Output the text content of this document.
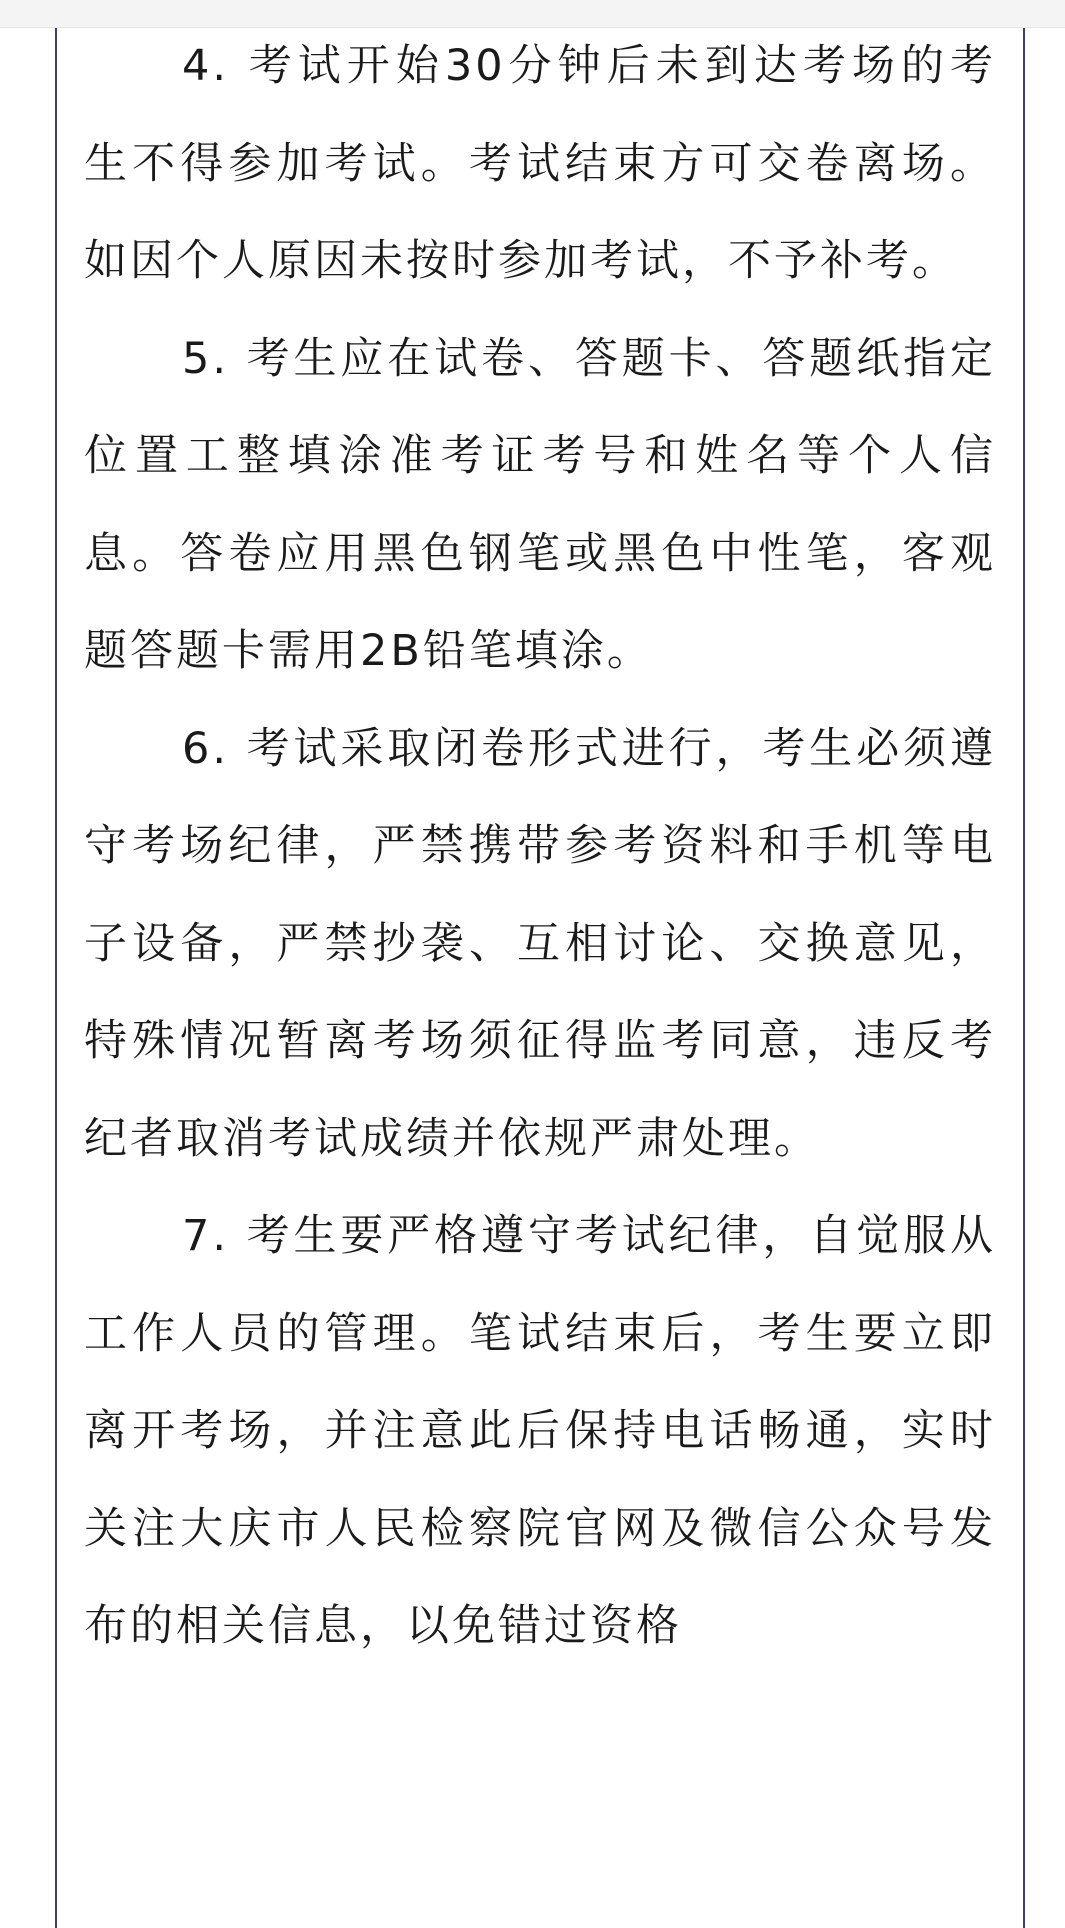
4. 考试开始30分钟后未到达考场的考生不得参加考试。考试结束方可交卷离场。如因个人原因未按时参加考试，不予补考。

5. 考生应在试卷、答题卡、答题纸指定位置工整填涂准考证考号和姓名等个人信息。答卷应用黑色钢笔或黑色中性笔，客观题答题卡需用2B铅笔填涂。

6. 考试采取闭卷形式进行，考生必须遵守考场纪律，严禁携带参考资料和手机等电子设备，严禁抄袭、互相讨论、交换意见，特殊情况暂离考场须征得监考同意，违反考纪者取消考试成绩并依规严肃处理。

7. 考生要严格遵守考试纪律，自觉服从工作人员的管理。笔试结束后，考生要立即离开考场，并注意此后保持电话畅通，实时关注大庆市人民检察院官网及微信公众号发布的相关信息，以免错过资格
